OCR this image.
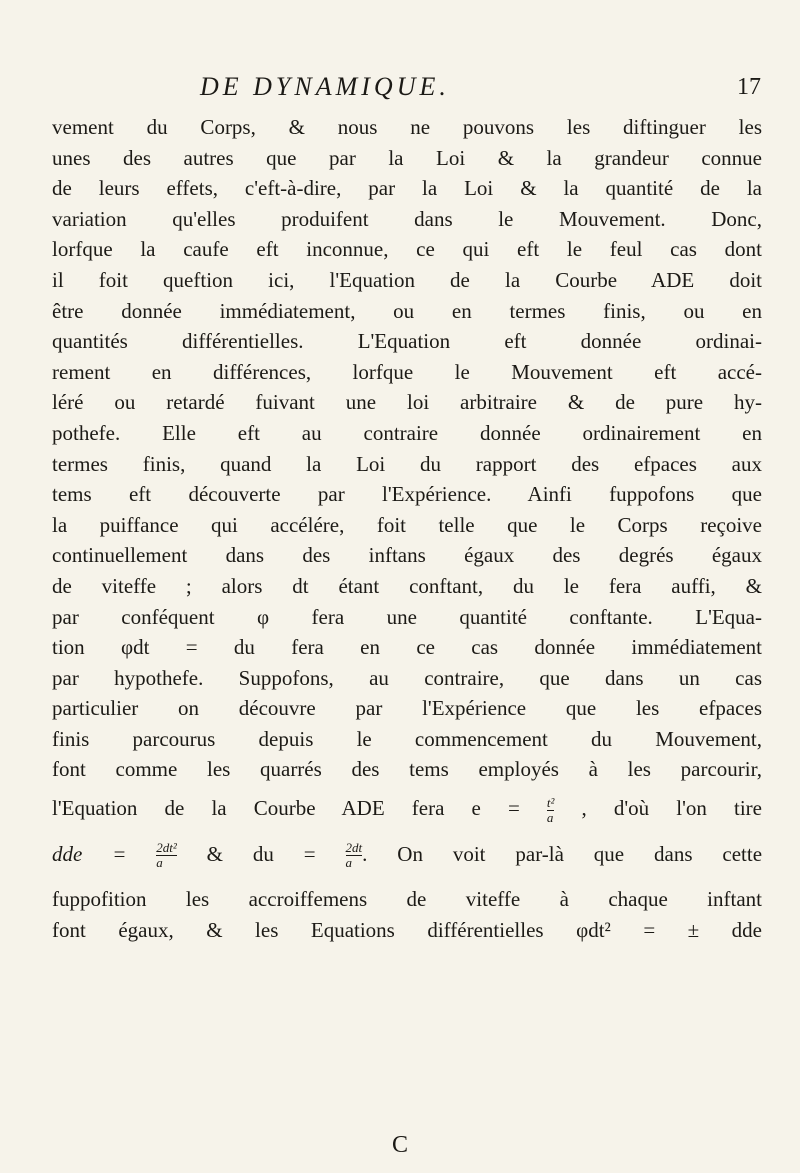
DE DYNAMIQUE.	17
vement du Corps, & nous ne pouvons les diftinguer les
unes des autres que par la Loi & la grandeur connue
de leurs effets, c'eft-à-dire, par la Loi & la quantité de la
variation qu'elles produifent dans le Mouvement. Donc,
lorfque la caufe eft inconnue, ce qui eft le feul cas dont
il foit queftion ici, l'Equation de la Courbe ADE doit
être donnée immédiatement, ou en termes finis, ou en
quantités différentielles. L'Equation eft donnée ordinai-
rement en différences, lorfque le Mouvement eft accé-
léré ou retardé fuivant une loi arbitraire & de pure hy-
pothefe. Elle eft au contraire donnée ordinairement en
termes finis, quand la Loi du rapport des efpaces aux
tems eft découverte par l'Expérience. Ainfi fuppofons que
la puiffance qui accélére, foit telle que le Corps reçoive
continuellement dans des inftans égaux des degrés égaux
de viteffe ; alors dt étant conftant, du le fera auffi, &
par conféquent φ fera une quantité conftante. L'Equa-
tion φdt = du fera en ce cas donnée immédiatement
par hypothefe. Suppofons, au contraire, que dans un cas
particulier on découvre par l'Expérience que les efpaces
finis parcourus depuis le commencement du Mouvement,
font comme les quarrés des tems employés à les parcourir,
l'Equation de la Courbe ADE fera $e = \frac{\text{t²}}{a}$ , d'où l'on tire
dde = $\frac{\text{2dt²}}{a}$ & du = $\frac{2dt}{a}$ . On voit par-là que dans cette
fuppofition les accroiffemens de viteffe à chaque inftant
font égaux, & les Equations différentielles φdt² = ± dde
C
